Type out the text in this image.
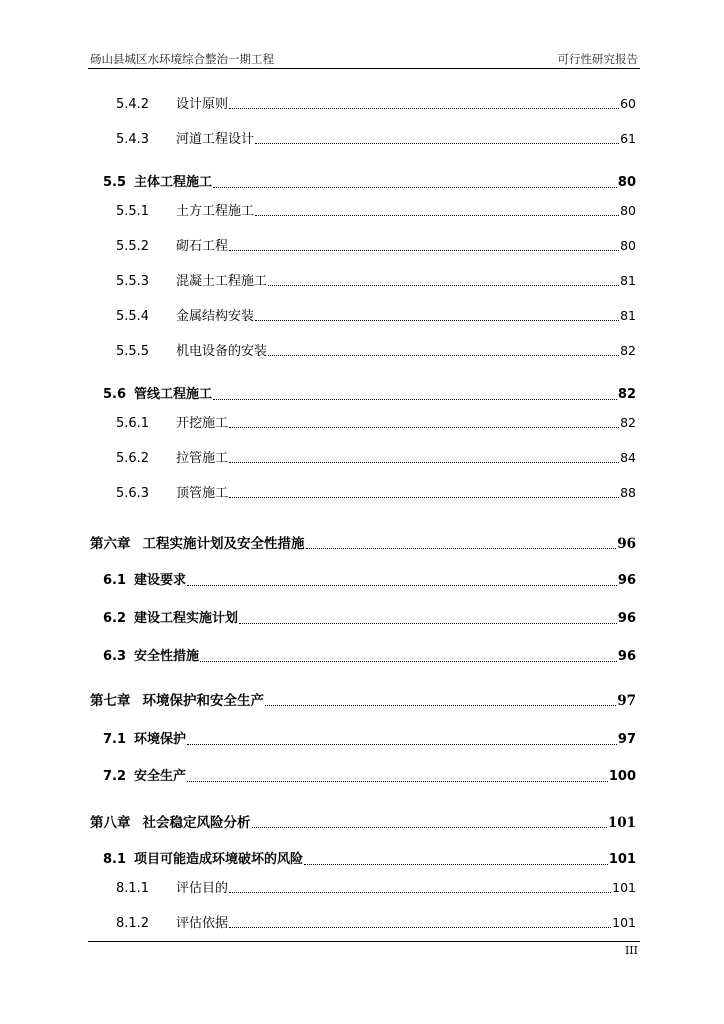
砀山县城区水环境综合整治一期工程	可行性研究报告
5.4.2 设计原则	60
5.4.3 河道工程设计	61
5.5 主体工程施工	80
5.5.1 土方工程施工	80
5.5.2 砌石工程	80
5.5.3 混凝土工程施工	81
5.5.4 金属结构安装	81
5.5.5 机电设备的安装	82
5.6 管线工程施工	82
5.6.1 开挖施工	82
5.6.2 拉管施工	84
5.6.3 顶管施工	88
第六章 工程实施计划及安全性措施	96
6.1 建设要求	96
6.2 建设工程实施计划	96
6.3 安全性措施	96
第七章 环境保护和安全生产	97
7.1 环境保护	97
7.2 安全生产	100
第八章 社会稳定风险分析	101
8.1 项目可能造成环境破坏的风险	101
8.1.1 评估目的	101
8.1.2 评估依据	101
III
